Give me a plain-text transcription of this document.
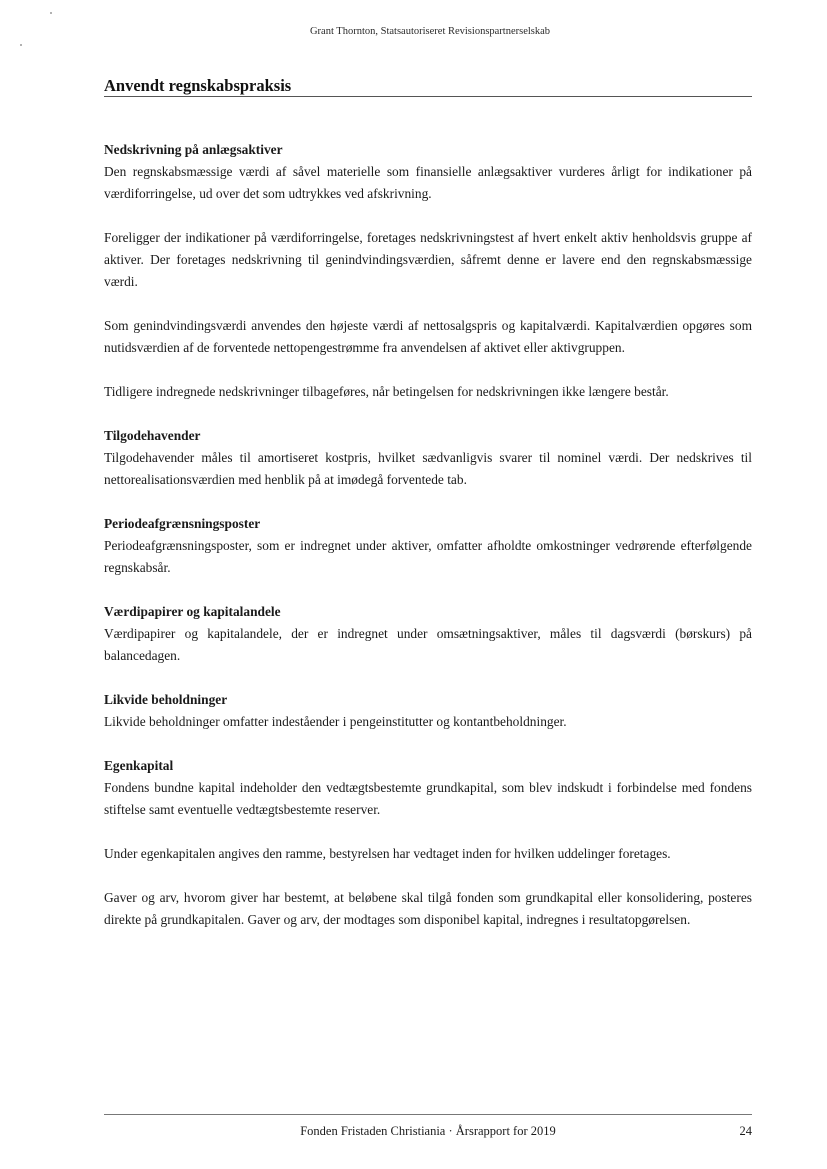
Grant Thornton, Statsautoriseret Revisionspartnerselskab
Anvendt regnskabspraksis
Nedskrivning på anlægsaktiver

Den regnskabsmæssige værdi af såvel materielle som finansielle anlægsaktiver vurderes årligt for indikationer på værdiforringelse, ud over det som udtrykkes ved afskrivning.

Foreligger der indikationer på værdiforringelse, foretages nedskrivningstest af hvert enkelt aktiv henholdsvis gruppe af aktiver. Der foretages nedskrivning til genindvindingsværdien, såfremt denne er lavere end den regnskabsmæssige værdi.

Som genindvindingsværdi anvendes den højeste værdi af nettosalgspris og kapitalværdi. Kapitalværdien opgøres som nutidsværdien af de forventede nettopengestrømme fra anvendelsen af aktivet eller aktivgruppen.

Tidligere indregnede nedskrivninger tilbageføres, når betingelsen for nedskrivningen ikke længere består.

Tilgodehavender

Tilgodehavender måles til amortiseret kostpris, hvilket sædvanligvis svarer til nominel værdi. Der nedskrives til nettorealisationsværdien med henblik på at imødegå forventede tab.

Periodeafgrænsningsposter

Periodeafgrænsningsposter, som er indregnet under aktiver, omfatter afholdte omkostninger vedrørende efterfølgende regnskabsår.

Værdipapirer og kapitalandele

Værdipapirer og kapitalandele, der er indregnet under omsætningsaktiver, måles til dagsværdi (børskurs) på balancedagen.

Likvide beholdninger

Likvide beholdninger omfatter indeståender i pengeinstitutter og kontantbeholdninger.

Egenkapital

Fondens bundne kapital indeholder den vedtægtsbestemte grundkapital, som blev indskudt i forbindelse med fondens stiftelse samt eventuelle vedtægtsbestemte reserver.

Under egenkapitalen angives den ramme, bestyrelsen har vedtaget inden for hvilken uddelinger foretages.

Gaver og arv, hvorom giver har bestemt, at beløbene skal tilgå fonden som grundkapital eller konsolidering, posteres direkte på grundkapitalen. Gaver og arv, der modtages som disponibel kapital, indregnes i resultatopgørelsen.

Fonden Fristaden Christiania · Årsrapport for 2019	24
